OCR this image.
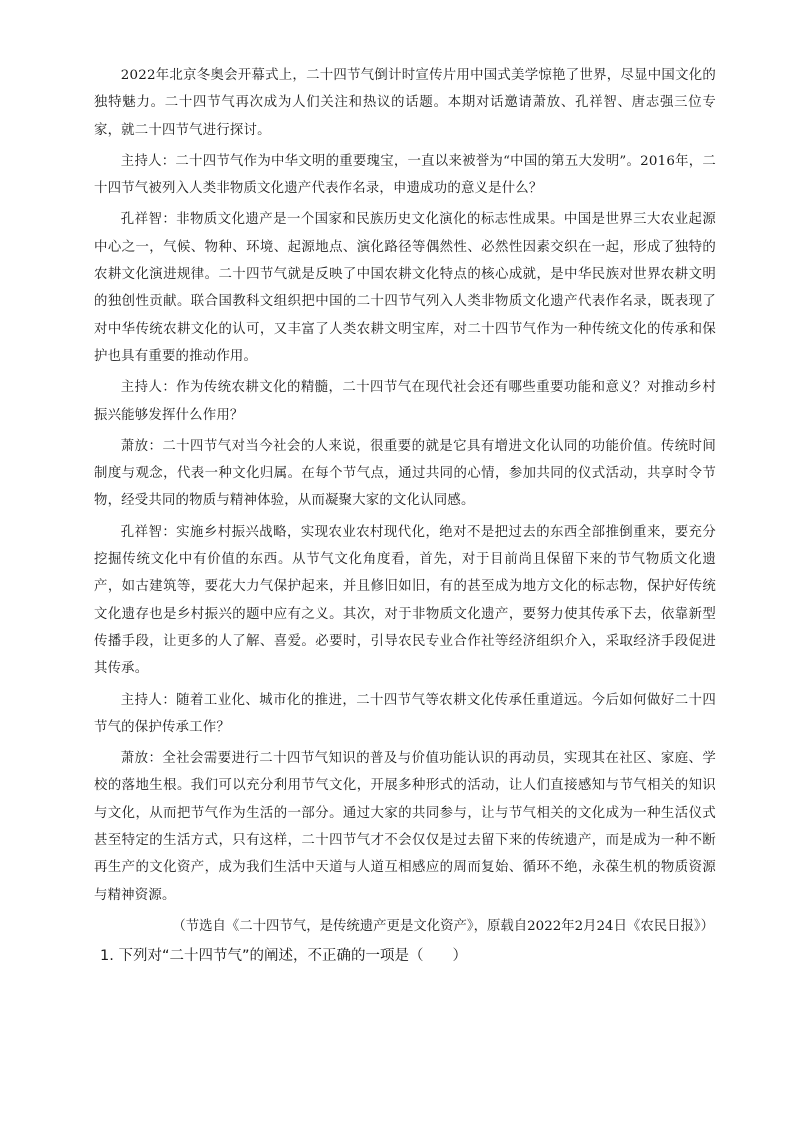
2022年北京冬奥会开幕式上，二十四节气倒计时宣传片用中国式美学惊艳了世界，尽显中国文化的独特魅力。二十四节气再次成为人们关注和热议的话题。本期对话邀请萧放、孔祥智、唐志强三位专家，就二十四节气进行探讨。

主持人：二十四节气作为中华文明的重要瑰宝，一直以来被誉为“中国的第五大发明”。2016年，二十四节气被列入人类非物质文化遗产代表作名录，申遗成功的意义是什么？

孔祥智：非物质文化遗产是一个国家和民族历史文化演化的标志性成果。中国是世界三大农业起源中心之一，气候、物种、环境、起源地点、演化路径等偶然性、必然性因素交织在一起，形成了独特的农耕文化演进规律。二十四节气就是反映了中国农耕文化特点的核心成就，是中华民族对世界农耕文明的独创性贡献。联合国教科文组织把中国的二十四节气列入人类非物质文化遗产代表作名录，既表现了对中华传统农耕文化的认可，又丰富了人类农耕文明宝库，对二十四节气作为一种传统文化的传承和保护也具有重要的推动作用。

主持人：作为传统农耕文化的精髓，二十四节气在现代社会还有哪些重要功能和意义？对推动乡村振兴能够发挥什么作用？

萧放：二十四节气对当今社会的人来说，很重要的就是它具有增进文化认同的功能价值。传统时间制度与观念，代表一种文化归属。在每个节气点，通过共同的心情，参加共同的仪式活动，共享时令节物，经受共同的物质与精神体验，从而凝聚大家的文化认同感。

孔祥智：实施乡村振兴战略，实现农业农村现代化，绝对不是把过去的东西全部推倒重来，要充分挖掘传统文化中有价值的东西。从节气文化角度看，首先，对于目前尚且保留下来的节气物质文化遗产，如古建筑等，要花大力气保护起来，并且修旧如旧，有的甚至成为地方文化的标志物，保护好传统文化遗存也是乡村振兴的题中应有之义。其次，对于非物质文化遗产，要努力使其传承下去，依靠新型传播手段，让更多的人了解、喜爱。必要时，引导农民专业合作社等经济组织介入，采取经济手段促进其传承。

主持人：随着工业化、城市化的推进，二十四节气等农耕文化传承任重道远。今后如何做好二十四节气的保护传承工作？

萧放：全社会需要进行二十四节气知识的普及与价值功能认识的再动员，实现其在社区、家庭、学校的落地生根。我们可以充分利用节气文化，开展多种形式的活动，让人们直接感知与节气相关的知识与文化，从而把节气作为生活的一部分。通过大家的共同参与，让与节气相关的文化成为一种生活仪式甚至特定的生活方式，只有这样，二十四节气才不会仅仅是过去留下来的传统遗产，而是成为一种不断再生产的文化资产，成为我们生活中天道与人道互相感应的周而复始、循环不绝，永葆生机的物质资源与精神资源。

（节选自《二十四节气，是传统遗产更是文化资产》，原载自2022年2月24日《农民日报》）

1. 下列对“二十四节气”的阐述，不正确的一项是（　　）
